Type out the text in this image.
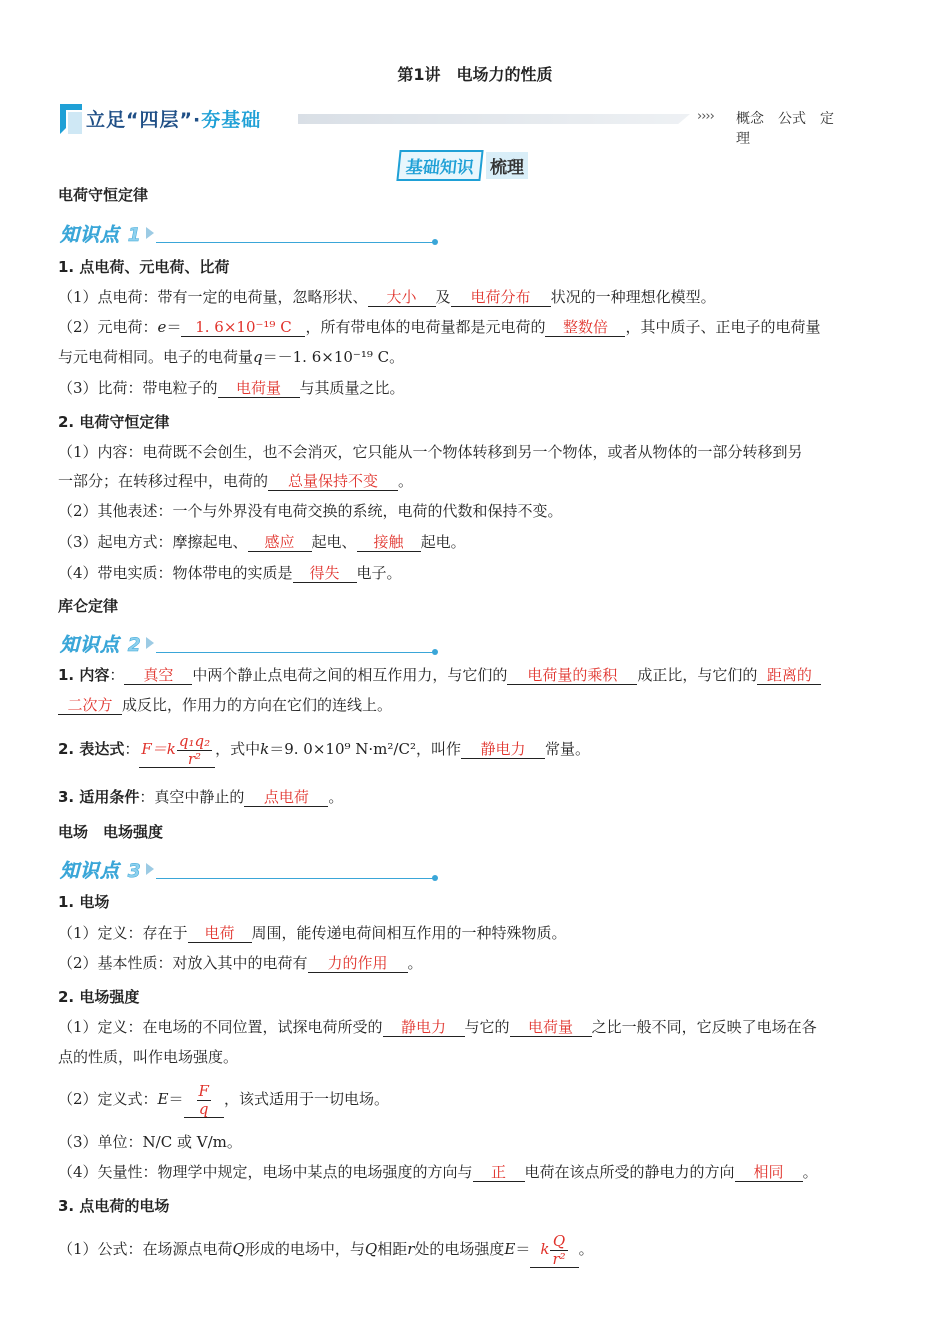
第1讲　电场力的性质
立足“四层”·夯基础	›››› 概念 公式 定理
基础知识 梳理
电荷守恒定律
知识点 1
1. 点电荷、元电荷、比荷
（1）点电荷：带有一定的电荷量，忽略形状、 大小 及 电荷分布 状况的一种理想化模型。
（2）元电荷：e＝ 1. 6×10⁻¹⁹ C ，所有带电体的电荷量都是元电荷的 整数倍 ，其中质子、正电子的电荷量
与元电荷相同。电子的电荷量q＝－1. 6×10⁻¹⁹ C。
（3）比荷：带电粒子的 电荷量 与其质量之比。
2. 电荷守恒定律
（1）内容：电荷既不会创生，也不会消灭，它只能从一个物体转移到另一个物体，或者从物体的一部分转移到另
一部分；在转移过程中，电荷的 总量保持不变 。
（2）其他表述：一个与外界没有电荷交换的系统，电荷的代数和保持不变。
（3）起电方式：摩擦起电、 感应 起电、 接触 起电。
（4）带电实质：物体带电的实质是 得失 电子。
库仑定律
知识点 2
1. 内容： 真空 中两个静止点电荷之间的相互作用力，与它们的 电荷量的乘积 成正比，与它们的 距离的
二次方 成反比，作用力的方向在它们的连线上。
2. 表达式： $F=k \frac{\text{q₁q₂}}{\text{r²}}$ ，式中k＝9. 0×10⁹ N·m²/C²，叫作 静电力 常量。
3. 适用条件：真空中静止的 点电荷 。
电场　电场强度
知识点 3
1. 电场
（1）定义：存在于 电荷 周围，能传递电荷间相互作用的一种特殊物质。
（2）基本性质：对放入其中的电荷有 力的作用 。
2. 电场强度
（1）定义：在电场的不同位置，试探电荷所受的 静电力 与它的 电荷量 之比一般不同，它反映了电场在各
点的性质，叫作电场强度。
（2）定义式：$E= \frac{F}{q}$ ，该式适用于一切电场。
（3）单位：N/C 或 V/m。
（4）矢量性：物理学中规定，电场中某点的电场强度的方向与 正 电荷在该点所受的静电力的方向 相同 。
3. 点电荷的电场
（1）公式：在场源点电荷Q形成的电场中，与Q相距r处的电场强度E＝ k $\frac{Q}{\text{r²}}$ 。
